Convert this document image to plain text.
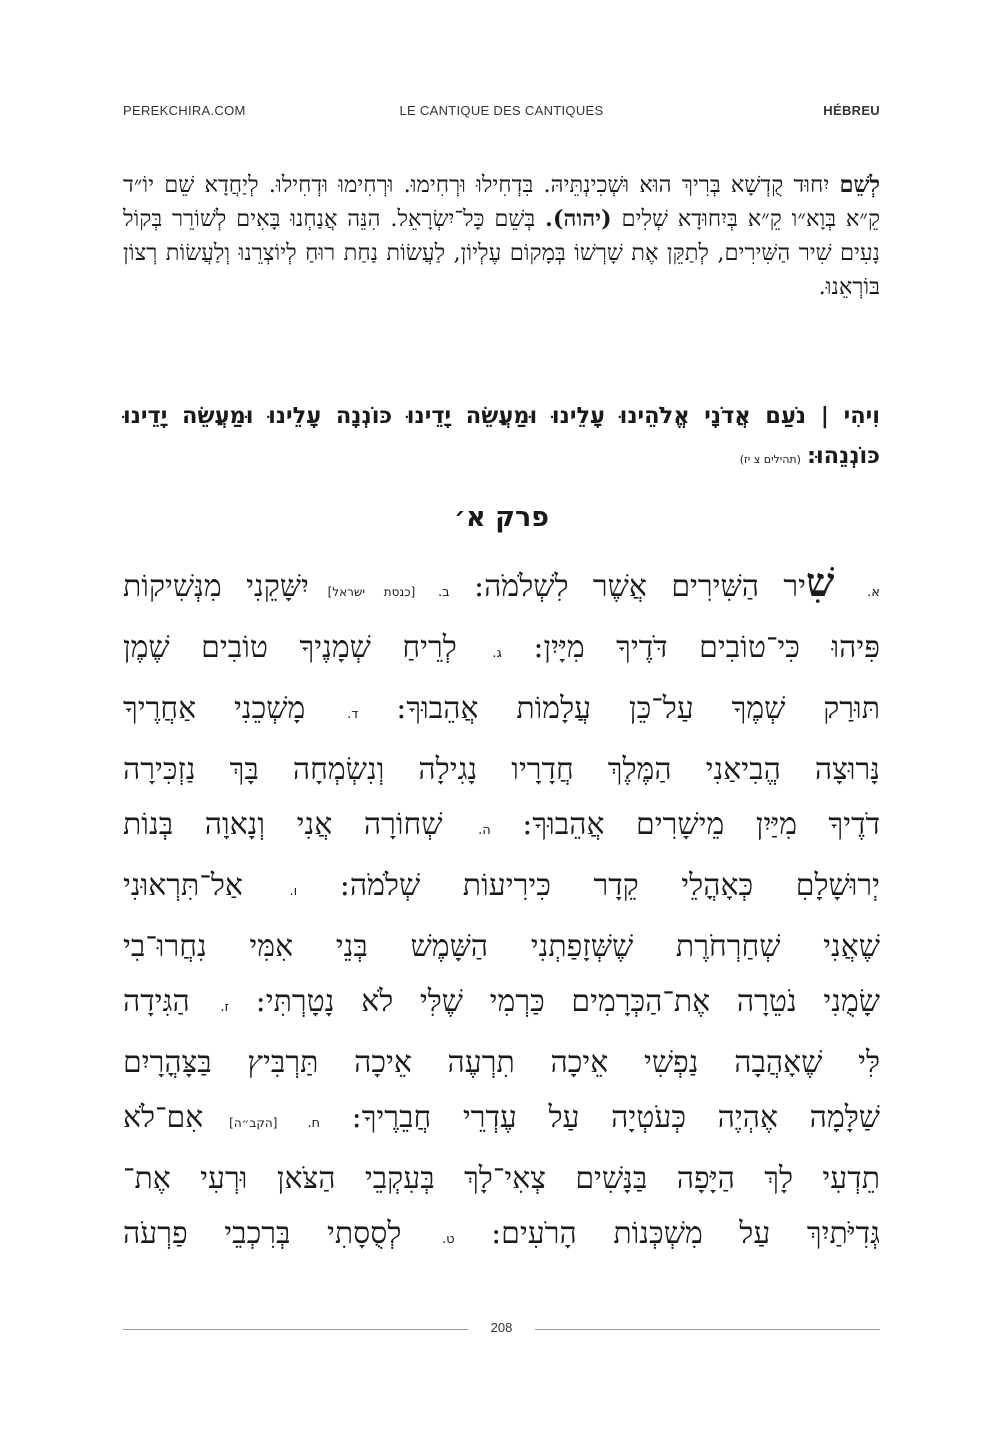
PEREKCHIRA.COM	LE CANTIQUE DES CANTIQUES	HÉBREU
לְשֵׁם יִחוּד קֻדְשָׁא בְּרִיךְ הוּא וּשְׁכִינְתֵּיהּ. בִּדְחִילוּ וּרְחִימוּ. וּרְחִימוּ וּדְחִילוּ. לְיַחֲדָא שֵׁם יוֹ״ד קֵ״א בְּוָא״ו קֵ״א בְּיִחוּדָא שְׁלִים (יהוה). בְּשֵׁם כָּל־יִשְׂרָאֵל. הִנֵּה אֲנַחְנוּ בָּאִים לְשׁוֹרֵר בְּקוֹל נָעִים שִׁיר הַשִּׁירִים, לְתַקֵּן אֶת שָׁרְשׁוֹ בְּמָקוֹם עֶלְיוֹן, לַעֲשׂוֹת נַחַת רוּחַ לְיוֹצְרֵנוּ וְלַעֲשׂוֹת רְצוֹן בּוֹרְאֵנוּ.
וִיהִי | נֹעַם אֲדֹנָי אֱלֹהֵינוּ עָלֵינוּ וּמַעֲשֵׂה יָדֵינוּ כּוֹנְנָה עָלֵינוּ וּמַעֲשֵׂה יָדֵינוּ כּוֹנְנֵהוּ:(תהילים צ יז)
פרק א׳
א. שִׁיר הַשִּׁירִים אֲשֶׁר לִשְׁלֹמֹה: ב. [כנסת ישראל] יִשָּׁקֵנִי מִנְּשִׁיקוֹת
פִּיהוּ כִּי־טוֹבִים דֹּדֶיךָ מִיָּיִן: ג. לְרֵיחַ שְׁמָנֶיךָ טוֹבִים שֶׁמֶן
תּוּרַק שְׁמֶךָ עַל־כֵּן עֲלָמוֹת אֲהֵבוּךָ: ד. מָשְׁכֵנִי אַחֲרֶיךָ
נָּרוּצָה הֱבִיאַנִי הַמֶּלֶךְ חֲדָרָיו נָגִילָה וְנִשְׂמְחָה בָּךְ נַזְכִּירָה
דֹדֶיךָ מִיַּיִן מֵישָׁרִים אֲהֵבוּךָ: ה. שְׁחוֹרָה אֲנִי וְנָאוָה בְּנוֹת
יְרוּשָׁלָםִ כְּאָהֳלֵי קֵדָר כִּירִיעוֹת שְׁלֹמֹה: ו. אַל־תִּרְאוּנִי
שֶׁאֲנִי שְׁחַרְחֹרֶת שֶׁשְּׁזָפַתְנִי הַשָּׁמֶשׁ בְּנֵי אִמִּי נִחֲרוּ־בִי
שָׂמֻנִי נֹטֵרָה אֶת־הַכְּרָמִים כַּרְמִי שֶׁלִּי לֹא נָטָרְתִּי: ז. הַגִּידָה
לִּי שֶׁאָהֲבָה נַפְשִׁי אֵיכָה תִרְעֶה אֵיכָה תַּרְבִּיץ בַּצָּהֳרָיִם
שַׁלָּמָה אֶהְיֶה כְּעֹטְיָה עַל עֶדְרֵי חֲבֵרֶיךָ: ח. [הקב״ה] אִם־לֹא
תֵדְעִי לָךְ הַיָּפָה בַּנָּשִׁים צְאִי־לָךְ בְּעִקְבֵי הַצֹּאן וּרְעִי אֶת־
גְּדִיֹּתַיִךְ עַל מִשְׁכְּנוֹת הָרֹעִים: ט. לְסֻסָתִי בְּרִכְבֵי פַרְעֹה
208
